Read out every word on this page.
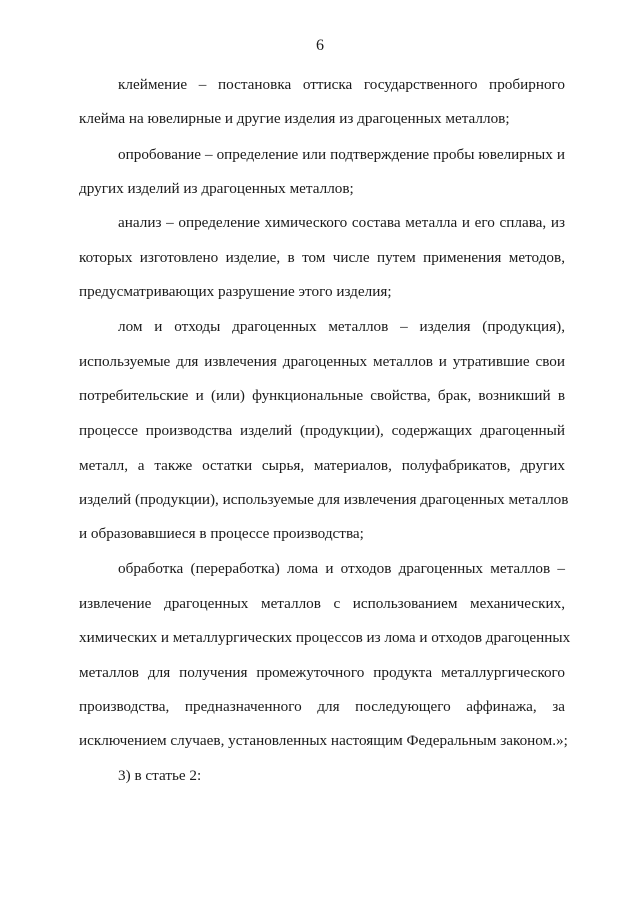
6
клеймение – постановка оттиска государственного пробирного
клейма на ювелирные и другие изделия из драгоценных металлов;
опробование – определение или подтверждение пробы ювелирных и
других изделий из драгоценных металлов;
анализ – определение химического состава металла и его сплава, из
которых изготовлено изделие, в том числе путем применения методов,
предусматривающих разрушение этого изделия;
лом и отходы драгоценных металлов – изделия (продукция),
используемые для извлечения драгоценных металлов и утратившие свои
потребительские и (или) функциональные свойства, брак, возникший в
процессе производства изделий (продукции), содержащих драгоценный
металл, а также остатки сырья, материалов, полуфабрикатов, других
изделий (продукции), используемые для извлечения драгоценных металлов
и образовавшиеся в процессе производства;
обработка (переработка) лома и отходов драгоценных металлов –
извлечение драгоценных металлов с использованием механических,
химических и металлургических процессов из лома и отходов драгоценных
металлов для получения промежуточного продукта металлургического
производства, предназначенного для последующего аффинажа, за
исключением случаев, установленных настоящим Федеральным законом.»;
3) в статье 2:
